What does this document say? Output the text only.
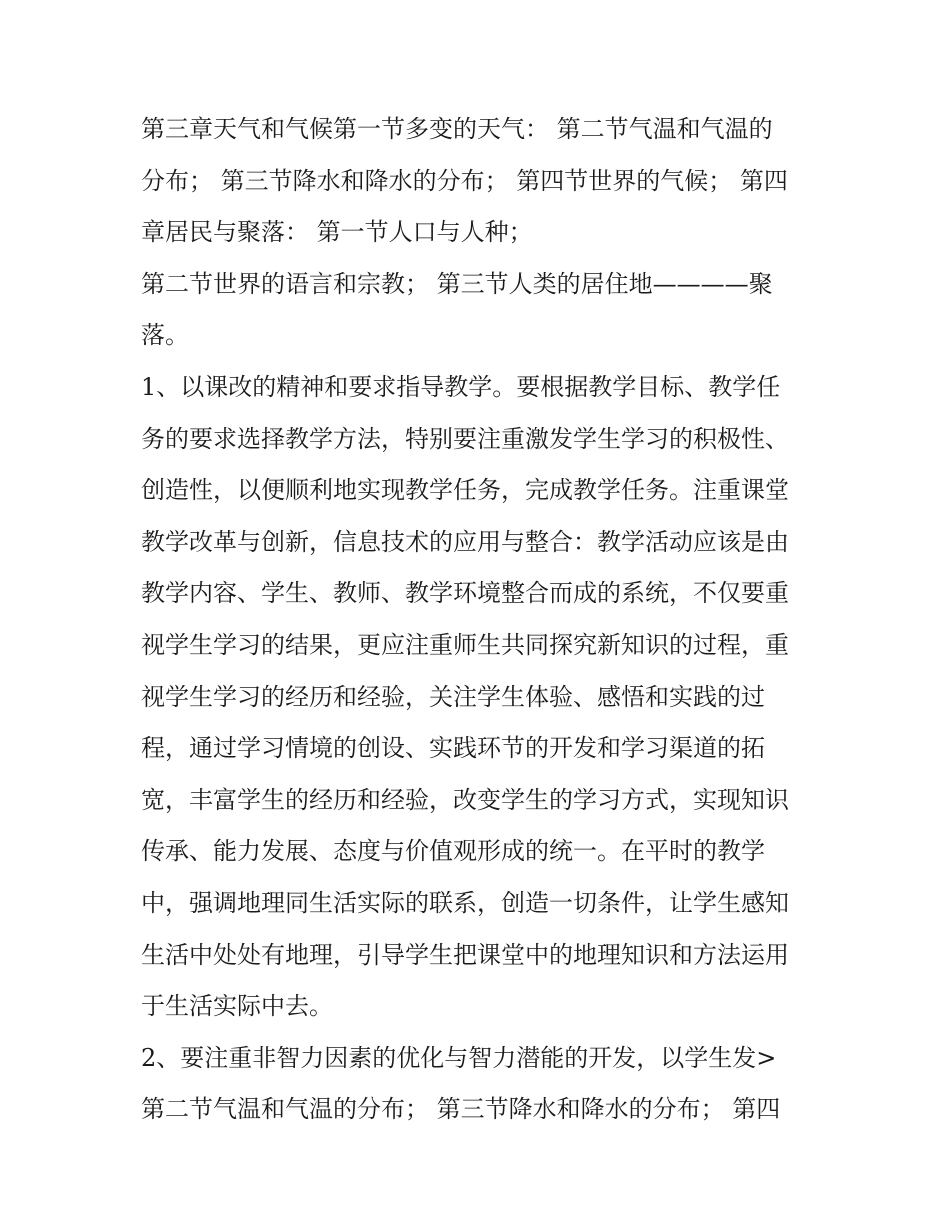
第三章天气和气候第一节多变的天气： 第二节气温和气温的
分布； 第三节降水和降水的分布； 第四节世界的气候； 第四
章居民与聚落： 第一节人口与人种；
第二节世界的语言和宗教； 第三节人类的居住地————聚
落。
1、以课改的精神和要求指导教学。要根据教学目标、教学任
务的要求选择教学方法，特别要注重激发学生学习的积极性、
创造性，以便顺利地实现教学任务，完成教学任务。注重课堂
教学改革与创新，信息技术的应用与整合：教学活动应该是由
教学内容、学生、教师、教学环境整合而成的系统，不仅要重
视学生学习的结果，更应注重师生共同探究新知识的过程，重
视学生学习的经历和经验，关注学生体验、感悟和实践的过
程，通过学习情境的创设、实践环节的开发和学习渠道的拓
宽，丰富学生的经历和经验，改变学生的学习方式，实现知识
传承、能力发展、态度与价值观形成的统一。在平时的教学
中，强调地理同生活实际的联系，创造一切条件，让学生感知
生活中处处有地理，引导学生把课堂中的地理知识和方法运用
于生活实际中去。
2、要注重非智力因素的优化与智力潜能的开发，以学生发>
第二节气温和气温的分布； 第三节降水和降水的分布； 第四
